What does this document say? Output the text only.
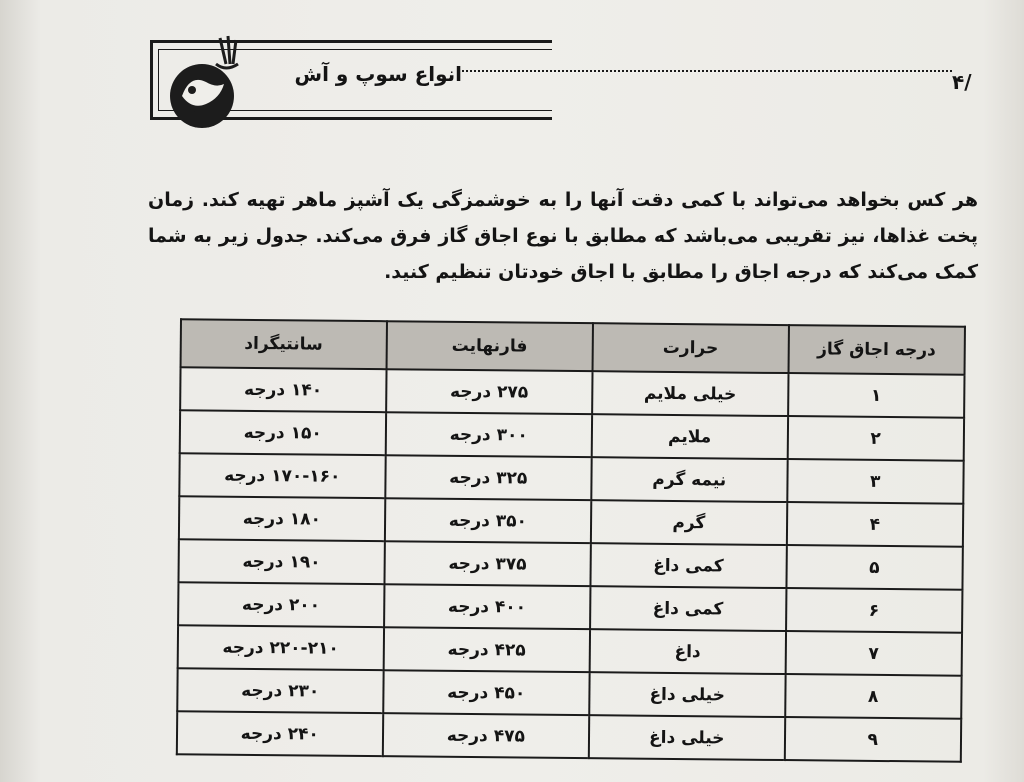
انواع سوپ و آش	/۴
هر کس بخواهد می‌تواند با کمی دقت آنها را به خوشمزگی یک آشپز ماهر تهیه کند. زمان پخت غذاها، نیز تقریبی می‌باشد که مطابق با نوع اجاق گاز فرق می‌کند. جدول زیر به شما کمک می‌کند که درجه اجاق را مطابق با اجاق خودتان تنظیم کنید.
درجه اجاق گاز	حرارت	فارنهایت	سانتیگراد
۱	خیلی ملایم	۲۷۵ درجه	۱۴۰ درجه
۲	ملایم	۳۰۰ درجه	۱۵۰ درجه
۳	نیمه گرم	۳۲۵ درجه	۱۷۰-۱۶۰ درجه
۴	گرم	۳۵۰ درجه	۱۸۰ درجه
۵	کمی داغ	۳۷۵ درجه	۱۹۰ درجه
۶	کمی داغ	۴۰۰ درجه	۲۰۰ درجه
۷	داغ	۴۲۵ درجه	۲۲۰-۲۱۰ درجه
۸	خیلی داغ	۴۵۰ درجه	۲۳۰ درجه
۹	خیلی داغ	۴۷۵ درجه	۲۴۰ درجه
